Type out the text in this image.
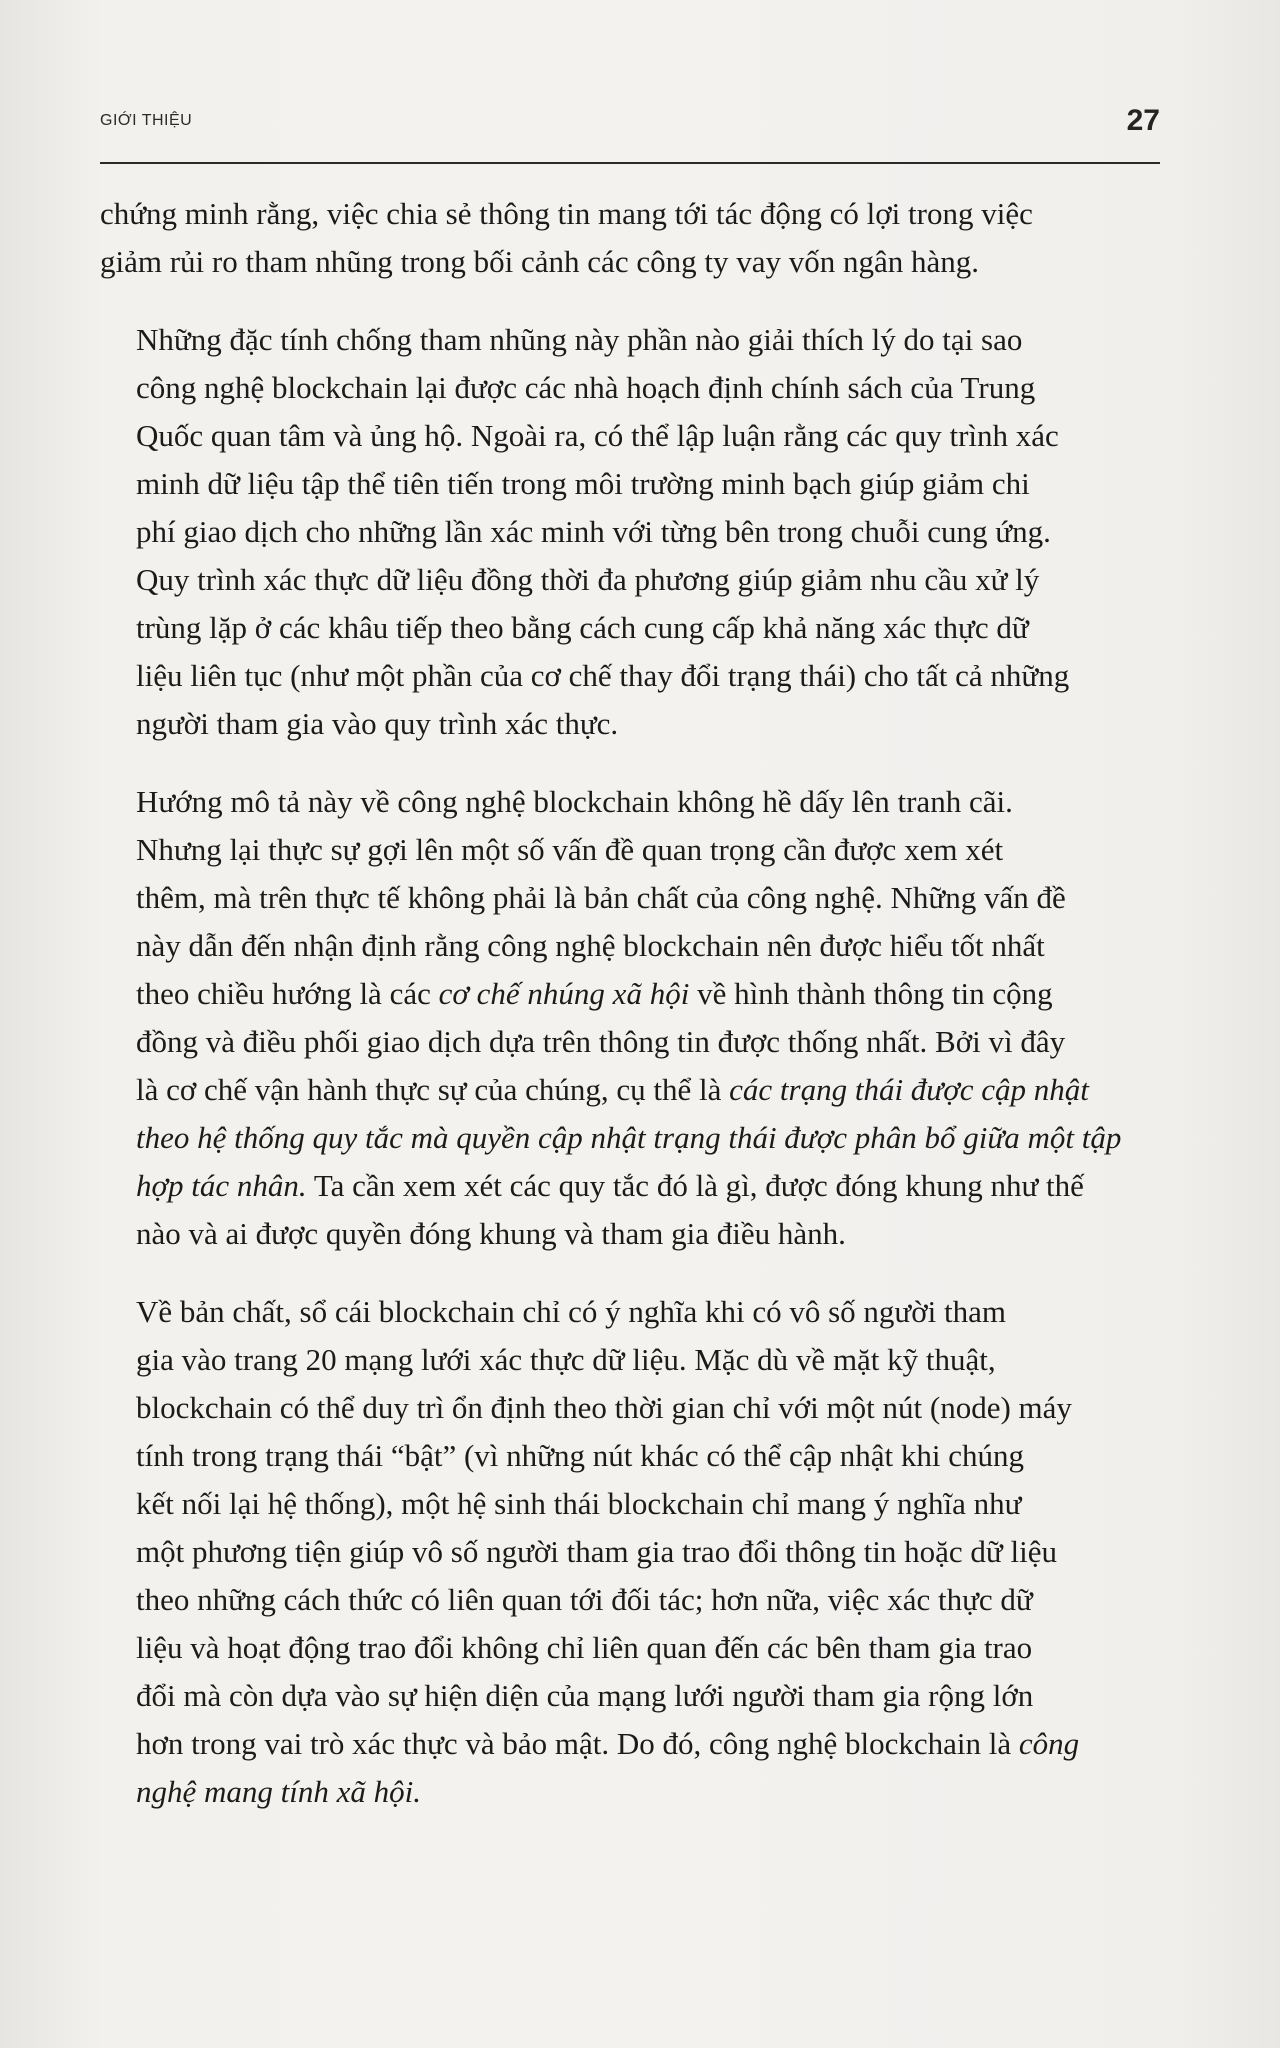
GIỚI THIỆU	27

chứng minh rằng, việc chia sẻ thông tin mang tới tác động có lợi trong việc
giảm rủi ro tham nhũng trong bối cảnh các công ty vay vốn ngân hàng.

Những đặc tính chống tham nhũng này phần nào giải thích lý do tại sao
công nghệ blockchain lại được các nhà hoạch định chính sách của Trung
Quốc quan tâm và ủng hộ. Ngoài ra, có thể lập luận rằng các quy trình xác
minh dữ liệu tập thể tiên tiến trong môi trường minh bạch giúp giảm chi
phí giao dịch cho những lần xác minh với từng bên trong chuỗi cung ứng.
Quy trình xác thực dữ liệu đồng thời đa phương giúp giảm nhu cầu xử lý
trùng lặp ở các khâu tiếp theo bằng cách cung cấp khả năng xác thực dữ
liệu liên tục (như một phần của cơ chế thay đổi trạng thái) cho tất cả những
người tham gia vào quy trình xác thực.

Hướng mô tả này về công nghệ blockchain không hề dấy lên tranh cãi.
Nhưng lại thực sự gợi lên một số vấn đề quan trọng cần được xem xét
thêm, mà trên thực tế không phải là bản chất của công nghệ. Những vấn đề
này dẫn đến nhận định rằng công nghệ blockchain nên được hiểu tốt nhất
theo chiều hướng là các cơ chế nhúng xã hội về hình thành thông tin cộng
đồng và điều phối giao dịch dựa trên thông tin được thống nhất. Bởi vì đây
là cơ chế vận hành thực sự của chúng, cụ thể là các trạng thái được cập nhật
theo hệ thống quy tắc mà quyền cập nhật trạng thái được phân bổ giữa một tập
hợp tác nhân. Ta cần xem xét các quy tắc đó là gì, được đóng khung như thế
nào và ai được quyền đóng khung và tham gia điều hành.

Về bản chất, sổ cái blockchain chỉ có ý nghĩa khi có vô số người tham
gia vào trang 20 mạng lưới xác thực dữ liệu. Mặc dù về mặt kỹ thuật,
blockchain có thể duy trì ổn định theo thời gian chỉ với một nút (node) máy
tính trong trạng thái “bật” (vì những nút khác có thể cập nhật khi chúng
kết nối lại hệ thống), một hệ sinh thái blockchain chỉ mang ý nghĩa như
một phương tiện giúp vô số người tham gia trao đổi thông tin hoặc dữ liệu
theo những cách thức có liên quan tới đối tác; hơn nữa, việc xác thực dữ
liệu và hoạt động trao đổi không chỉ liên quan đến các bên tham gia trao
đổi mà còn dựa vào sự hiện diện của mạng lưới người tham gia rộng lớn
hơn trong vai trò xác thực và bảo mật. Do đó, công nghệ blockchain là công
nghệ mang tính xã hội.
